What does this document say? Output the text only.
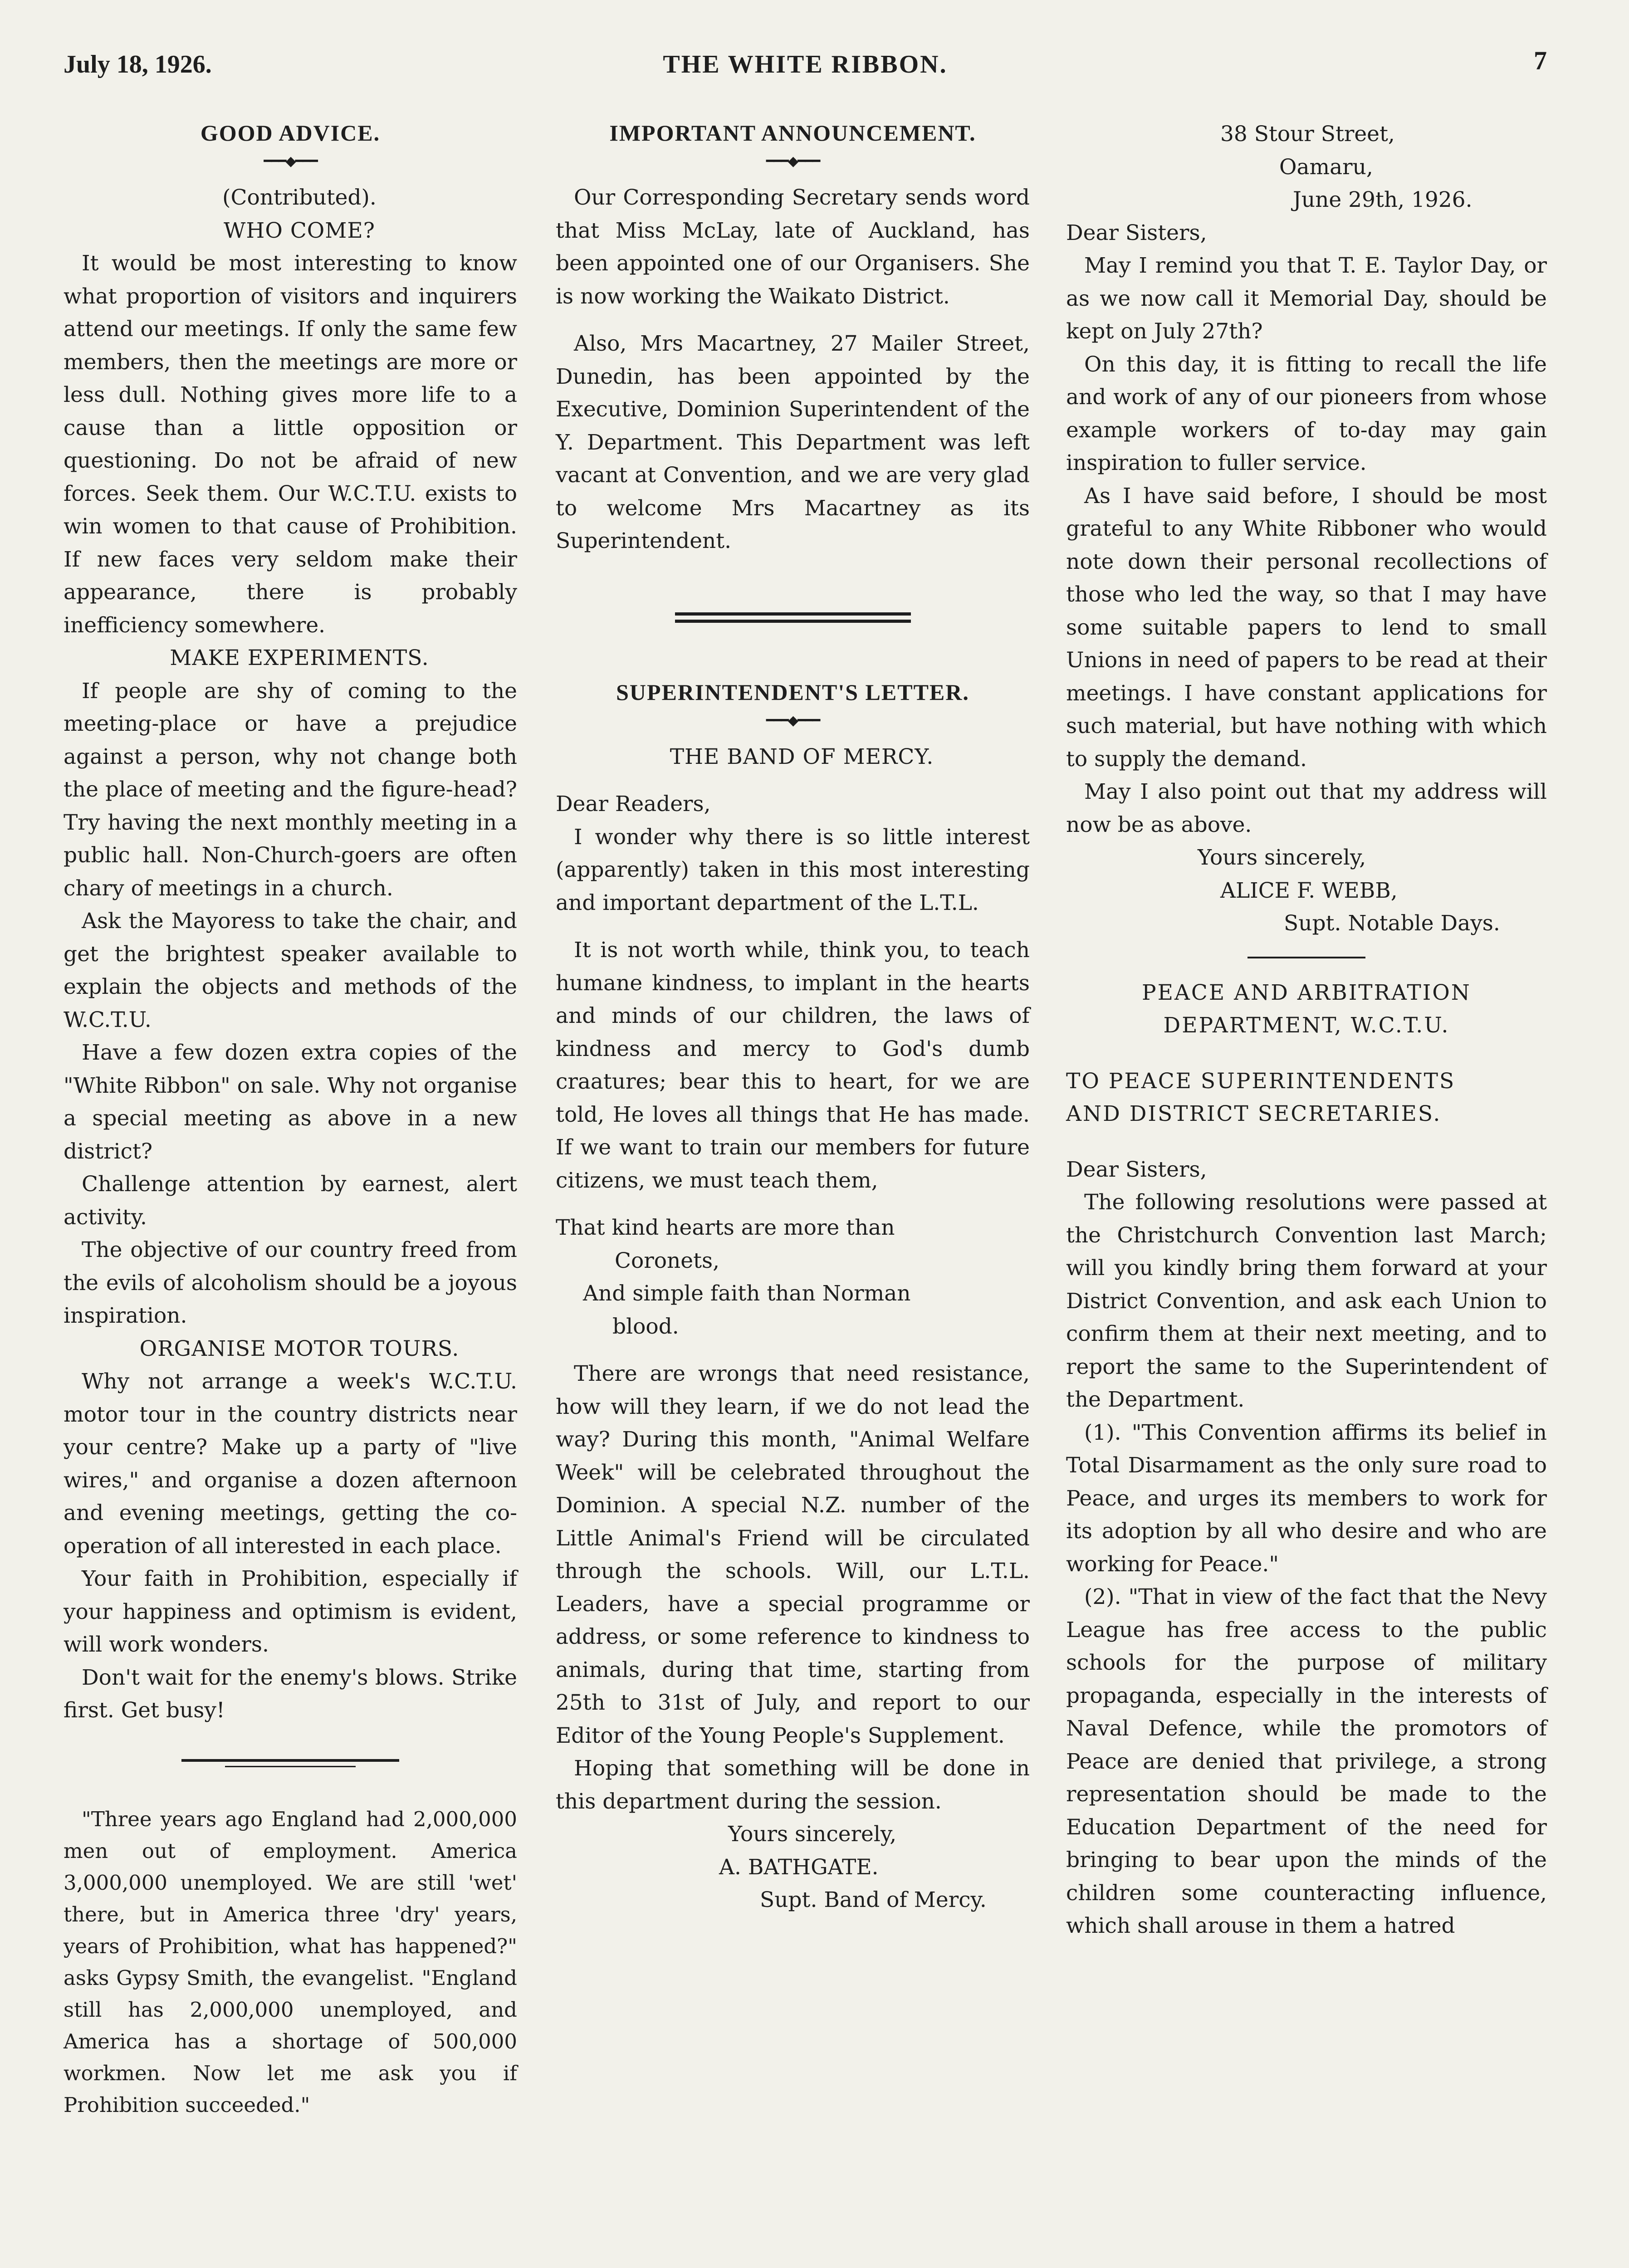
July 18, 1926.	THE WHITE RIBBON.	7
GOOD ADVICE.
━━━◆━━━

(Contributed).

WHO COME?

It would be most interesting to know what proportion of visitors and inquirers attend our meetings. If only the same few members, then the meetings are more or less dull. Nothing gives more life to a cause than a little opposition or questioning. Do not be afraid of new forces. Seek them. Our W.C.T.U. exists to win women to that cause of Prohibition. If new faces very seldom make their appearance, there is probably inefficiency somewhere.

MAKE EXPERIMENTS.

If people are shy of coming to the meeting-place or have a prejudice against a person, why not change both the place of meeting and the figure-head? Try having the next monthly meeting in a public hall. Non-Church-goers are often chary of meetings in a church.

Ask the Mayoress to take the chair, and get the brightest speaker available to explain the objects and methods of the W.C.T.U.

Have a few dozen extra copies of the "White Ribbon" on sale. Why not organise a special meeting as above in a new district?

Challenge attention by earnest, alert activity.

The objective of our country freed from the evils of alcoholism should be a joyous inspiration.

ORGANISE MOTOR TOURS.

Why not arrange a week's W.C.T.U. motor tour in the country districts near your centre? Make up a party of "live wires," and organise a dozen afternoon and evening meetings, getting the co-operation of all interested in each place.

Your faith in Prohibition, especially if your happiness and optimism is evident, will work wonders.

Don't wait for the enemy's blows. Strike first. Get busy!

"Three years ago England had 2,000,000 men out of employment. America 3,000,000 unemployed. We are still 'wet' there, but in America three 'dry' years, years of Prohibition, what has happened?" asks Gypsy Smith, the evangelist. "England still has 2,000,000 unemployed, and America has a shortage of 500,000 workmen. Now let me ask you if Prohibition succeeded."

IMPORTANT ANNOUNCEMENT.
━━━◆━━━

Our Corresponding Secretary sends word that Miss McLay, late of Auckland, has been appointed one of our Organisers. She is now working the Waikato District.

Also, Mrs Macartney, 27 Mailer Street, Dunedin, has been appointed by the Executive, Dominion Superintendent of the Y. Department. This Department was left vacant at Convention, and we are very glad to welcome Mrs Macartney as its Superintendent.

SUPERINTENDENT'S LETTER.
━━━◆━━━

THE BAND OF MERCY.

Dear Readers,

I wonder why there is so little interest (apparently) taken in this most interesting and important department of the L.T.L.

It is not worth while, think you, to teach humane kindness, to implant in the hearts and minds of our children, the laws of kindness and mercy to God's dumb craatures; bear this to heart, for we are told, He loves all things that He has made. If we want to train our members for future citizens, we must teach them,

That kind hearts are more than

Coronets,

And simple faith than Norman

blood.

There are wrongs that need resistance, how will they learn, if we do not lead the way? During this month, "Animal Welfare Week" will be celebrated throughout the Dominion. A special N.Z. number of the Little Animal's Friend will be circulated through the schools. Will, our L.T.L. Leaders, have a special programme or address, or some reference to kindness to animals, during that time, starting from 25th to 31st of July, and report to our Editor of the Young People's Supplement.

Hoping that something will be done in this department during the session.

Yours sincerely,

A. BATHGATE.

Supt. Band of Mercy.

38 Stour Street,

Oamaru,

June 29th, 1926.

Dear Sisters,

May I remind you that T. E. Taylor Day, or as we now call it Memorial Day, should be kept on July 27th?

On this day, it is fitting to recall the life and work of any of our pioneers from whose example workers of to-day may gain inspiration to fuller service.

As I have said before, I should be most grateful to any White Ribboner who would note down their personal recollections of those who led the way, so that I may have some suitable papers to lend to small Unions in need of papers to be read at their meetings. I have constant applications for such material, but have nothing with which to supply the demand.

May I also point out that my address will now be as above.

Yours sincerely,

ALICE F. WEBB,

Supt. Notable Days.

PEACE AND ARBITRATION

DEPARTMENT, W.C.T.U.

TO PEACE SUPERINTENDENTS

AND DISTRICT SECRETARIES.

Dear Sisters,

The following resolutions were passed at the Christchurch Convention last March; will you kindly bring them forward at your District Convention, and ask each Union to confirm them at their next meeting, and to report the same to the Superintendent of the Department.

(1). "This Convention affirms its belief in Total Disarmament as the only sure road to Peace, and urges its members to work for its adoption by all who desire and who are working for Peace."

(2). "That in view of the fact that the Nevy League has free access to the public schools for the purpose of military propaganda, especially in the interests of Naval Defence, while the promotors of Peace are denied that privilege, a strong representation should be made to the Education Department of the need for bringing to bear upon the minds of the children some counteracting influence, which shall arouse in them a hatred
